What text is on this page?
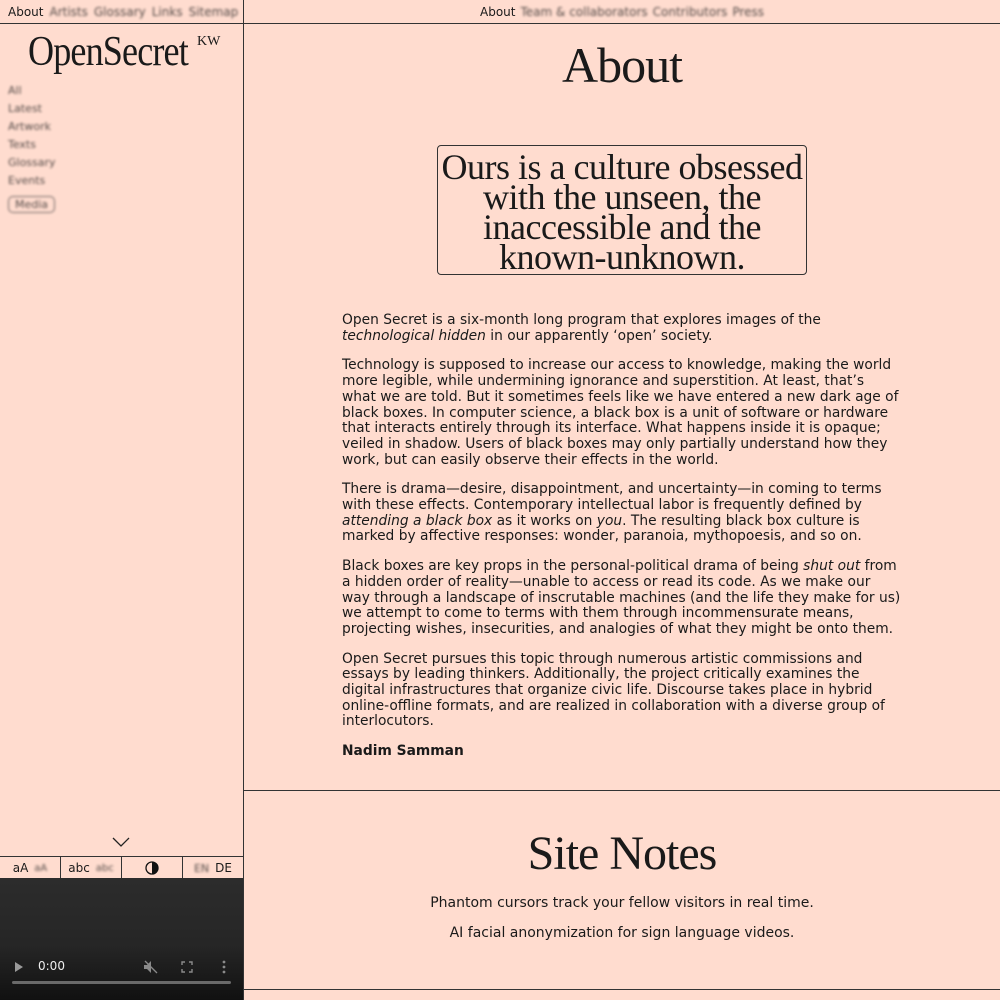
About Artists Glossary Links Sitemap
OpenSecret KW
All
Latest
Artwork
Texts
Glossary
Events
Media
aA aA abc abc	EN DE
0:00
About Team & collaborators Contributors Press
About
Ours is a culture obsessed with the unseen, the inaccessible and the known-unknown.

Open Secret is a six-month long program that explores images of the technological hidden in our apparently ‘open’ society.

Technology is supposed to increase our access to knowledge, making the world more legible, while undermining ignorance and superstition. At least, that’s what we are told. But it sometimes feels like we have entered a new dark age of black boxes. In computer science, a black box is a unit of software or hardware that interacts entirely through its interface. What happens inside it is opaque; veiled in shadow. Users of black boxes may only partially understand how they work, but can easily observe their effects in the world.

There is drama—desire, disappointment, and uncertainty—in coming to terms with these effects. Contemporary intellectual labor is frequently defined by attending a black box as it works on you. The resulting black box culture is marked by affective responses: wonder, paranoia, mythopoesis, and so on.

Black boxes are key props in the personal-political drama of being shut out from a hidden order of reality—unable to access or read its code. As we make our way through a landscape of inscrutable machines (and the life they make for us) we attempt to come to terms with them through incommensurate means, projecting wishes, insecurities, and analogies of what they might be onto them.

Open Secret pursues this topic through numerous artistic commissions and essays by leading thinkers. Additionally, the project critically examines the digital infrastructures that organize civic life. Discourse takes place in hybrid online-offline formats, and are realized in collaboration with a diverse group of interlocutors.

Nadim Samman

Site Notes
Phantom cursors track your fellow visitors in real time.
AI facial anonymization for sign language videos.
